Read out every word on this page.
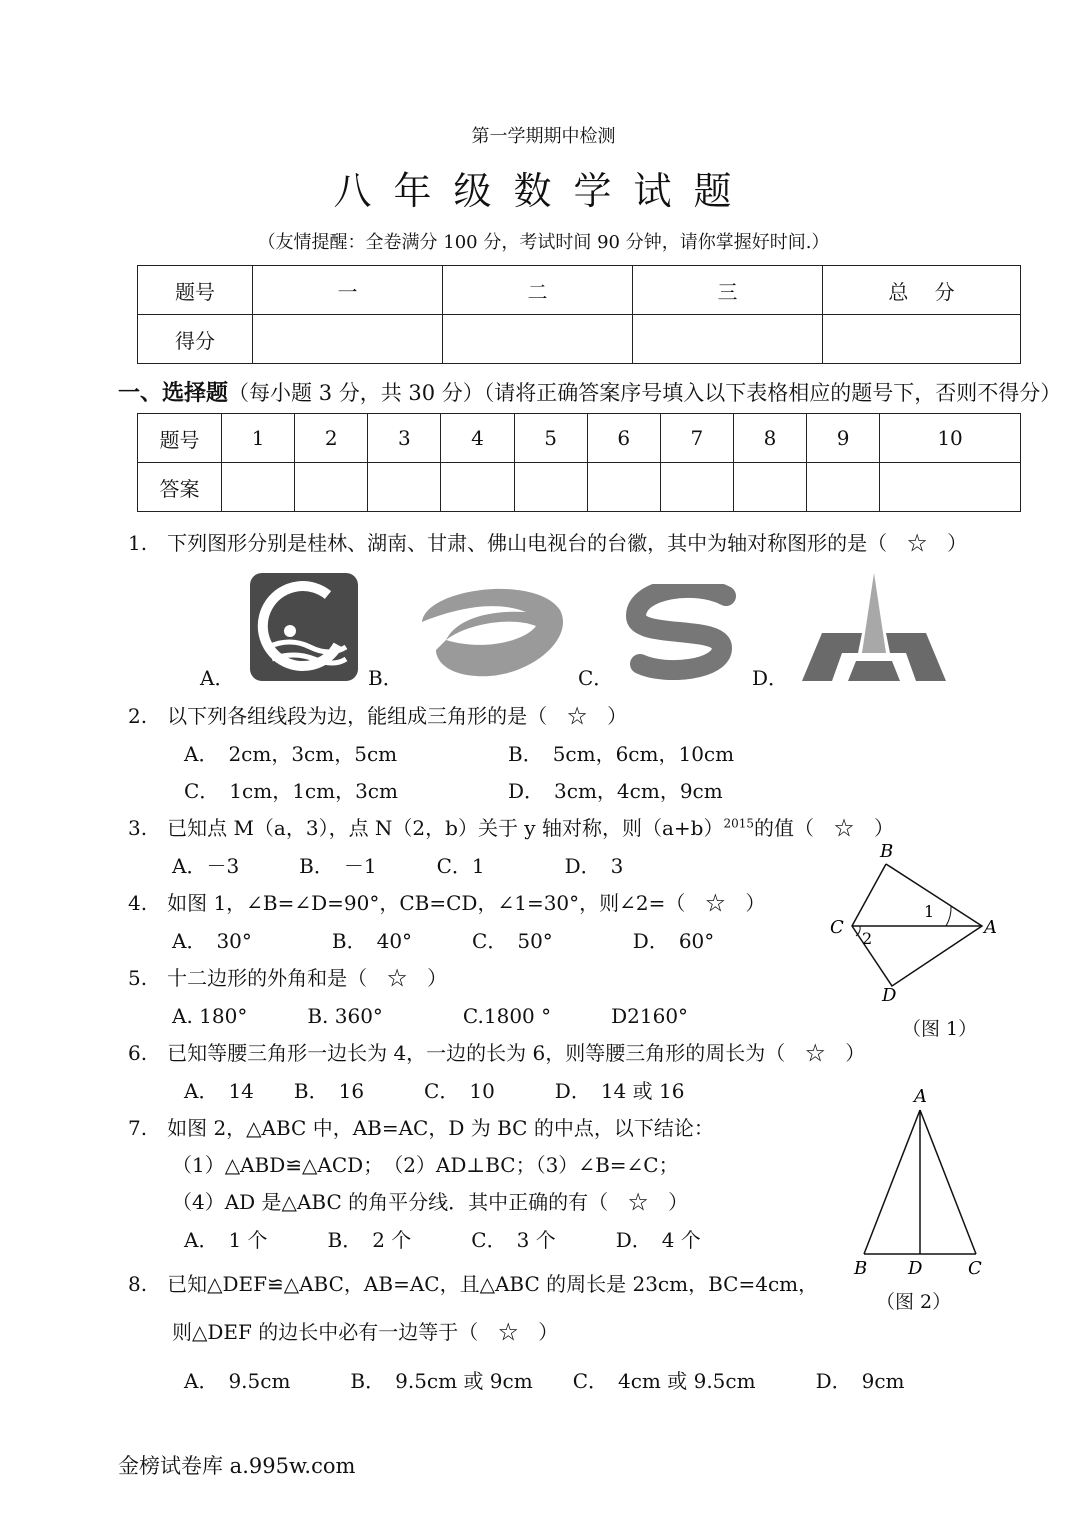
第一学期期中检测
八年级数学试题
（友情提醒：全卷满分 100 分，考试时间 90 分钟，请你掌握好时间.）
题号	一	二	三	总　 分
得分				
一、选择题（每小题 3 分，共 30 分）（请将正确答案序号填入以下表格相应的题号下，否则不得分）
题号	1	2	3	4	5	6	7	8	9	10
答案										
1.　下列图形分别是桂林、湖南、甘肃、佛山电视台的台徽，其中为轴对称图形的是（　☆　）
A．	B．	C．	D．
2.　以下列各组线段为边，能组成三角形的是（　☆　）
A．　2cm，3cm，5cm	B．　5cm，6cm，10cm
C．　1cm，1cm，3cm	D．　3cm，4cm，9cm
3.　已知点 M（a，3），点 N（2，b）关于 y 轴对称，则$(a+b)^{2015}$的值（　☆　）
A．－3　　　B．　－1　　　C．1　　　　D．　3
4.　如图 1，∠B=∠D=90°，CB=CD，∠1=30°，则∠2=（　☆　）
A．　30°　　　　B．　40°　　　C．　50°　　　　D．　60°
5.　十二边形的外角和是（　☆　）
A. 180°　　　B. 360°　　　　C.1800 °　　　D2160°
6.　已知等腰三角形一边长为 4，一边的长为 6，则等腰三角形的周长为（　☆　）
A．　14　　B．　16　　　C．　10　　　D．　14 或 16
7.　如图 2，△ABC 中，AB=AC，D 为 BC 的中点，以下结论：
（1）△ABD≌△ACD；　（2）AD⊥BC；（3）∠B=∠C；
（4）AD 是△ABC 的角平分线．其中正确的有（　☆　）
A．　1 个　　　B．　2 个　　　C．　3 个　　　D．　4 个
8.　已知△DEF≌△ABC，AB=AC，且△ABC 的周长是 23cm，BC=4cm，
则△DEF 的边长中必有一边等于（　☆　）
A．　9.5cm　　　B．　9.5cm 或 9cm　　C．　4cm 或 9.5cm　　　D．　9cm
B
C	A
D
1
2
（图 1）
A
B D	C
（图 2）
金榜试卷库 a.995w.com
